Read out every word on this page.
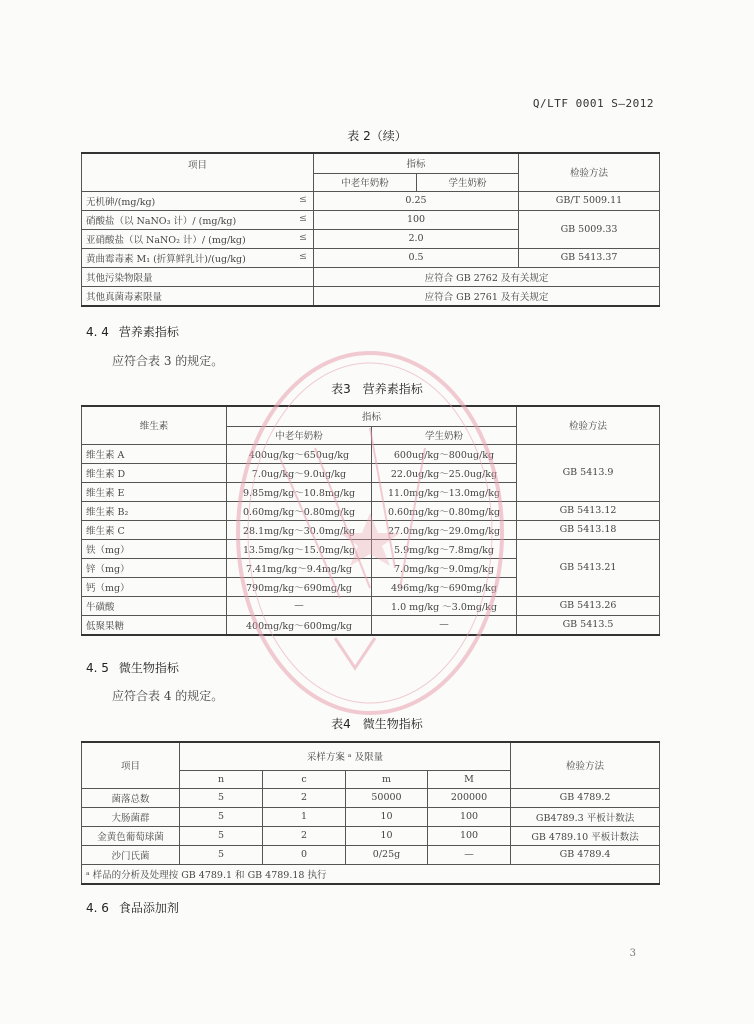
Q/LTF 0001 S—2012
表 2（续）
项目	指标		检验方法
	中老年奶粉	学生奶粉	
无机砷/(mg/kg) ≤	0.25		GB/T 5009.11
硝酸盐（以 NaNO₃ 计）/ (mg/kg) ≤	100		GB 5009.33
亚硝酸盐（以 NaNO₂ 计）/ (mg/kg) ≤	2.0		
黄曲霉毒素 M₁ (折算鲜乳计)/(ug/kg) ≤	0.5		GB 5413.37
其他污染物限量	应符合 GB 2762 及有关规定		
其他真菌毒素限量	应符合 GB 2761 及有关规定		
4. 4 营养素指标
应符合表 3 的规定。
表3　营养素指标
维生素	指标		检验方法
	中老年奶粉	学生奶粉	
维生素 A	400ug/kg～650ug/kg	600ug/kg～800ug/kg	GB 5413.9
维生素 D	7.0ug/kg～9.0ug/kg	22.0ug/kg～25.0ug/kg	
维生素 E	9.85mg/kg～10.8mg/kg	11.0mg/kg～13.0mg/kg	
维生素 B₂	0.60mg/kg～0.80mg/kg	0.60mg/kg～0.80mg/kg	GB 5413.12
维生素 C	28.1mg/kg～30.0mg/kg	27.0mg/kg～29.0mg/kg	GB 5413.18
铁（mg）	13.5mg/kg～15.0mg/kg	5.9mg/kg～7.8mg/kg	GB 5413.21
锌（mg）	7.41mg/kg～9.4mg/kg	7.0mg/kg～9.0mg/kg	
钙（mg）	790mg/kg～690mg/kg	496mg/kg～690mg/kg	
牛磺酸	—	1.0 mg/kg ～3.0mg/kg	GB 5413.26
低聚果糖	400mg/kg～600mg/kg	—	GB 5413.5
4. 5 微生物指标
应符合表 4 的规定。
表4　微生物指标
项目	采样方案 ᵃ 及限量				检验方法
	n	c	m	M	
菌落总数	5	2	50000	200000	GB 4789.2
大肠菌群	5	1	10	100	GB4789.3 平板计数法
金黄色葡萄球菌	5	2	10	100	GB 4789.10 平板计数法
沙门氏菌	5	0	0/25g	—	GB 4789.4
ᵃ 样品的分析及处理按 GB 4789.1 和 GB 4789.18 执行					
4. 6 食品添加剂
3
